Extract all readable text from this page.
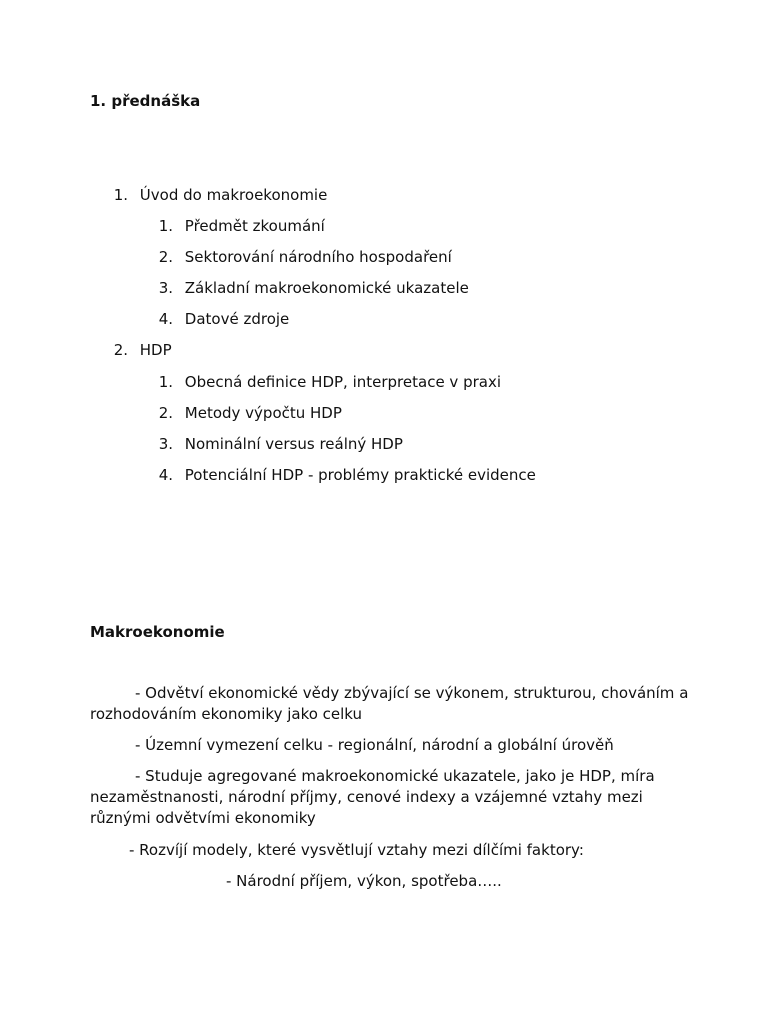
1. přednáška
1. Úvod do makroekonomie
1. Předmět zkoumání
2. Sektorování národního hospodaření
3. Základní makroekonomické ukazatele
4. Datové zdroje
2. HDP
1. Obecná definice HDP, interpretace v praxi
2. Metody výpočtu HDP
3. Nominální versus reálný HDP
4. Potenciální HDP - problémy praktické evidence
Makroekonomie
- Odvětví ekonomické vědy zbývající se výkonem, strukturou, chováním a rozhodováním ekonomiky jako celku
- Územní vymezení celku - regionální, národní a globální úrověň
- Studuje agregované makroekonomické ukazatele, jako je HDP, míra nezaměstnanosti, národní příjmy, cenové indexy a vzájemné vztahy mezi různými odvětvími ekonomiky
- Rozvíjí modely, které vysvětlují vztahy mezi dílčími faktory:
- Národní příjem, výkon, spotřeba…..
